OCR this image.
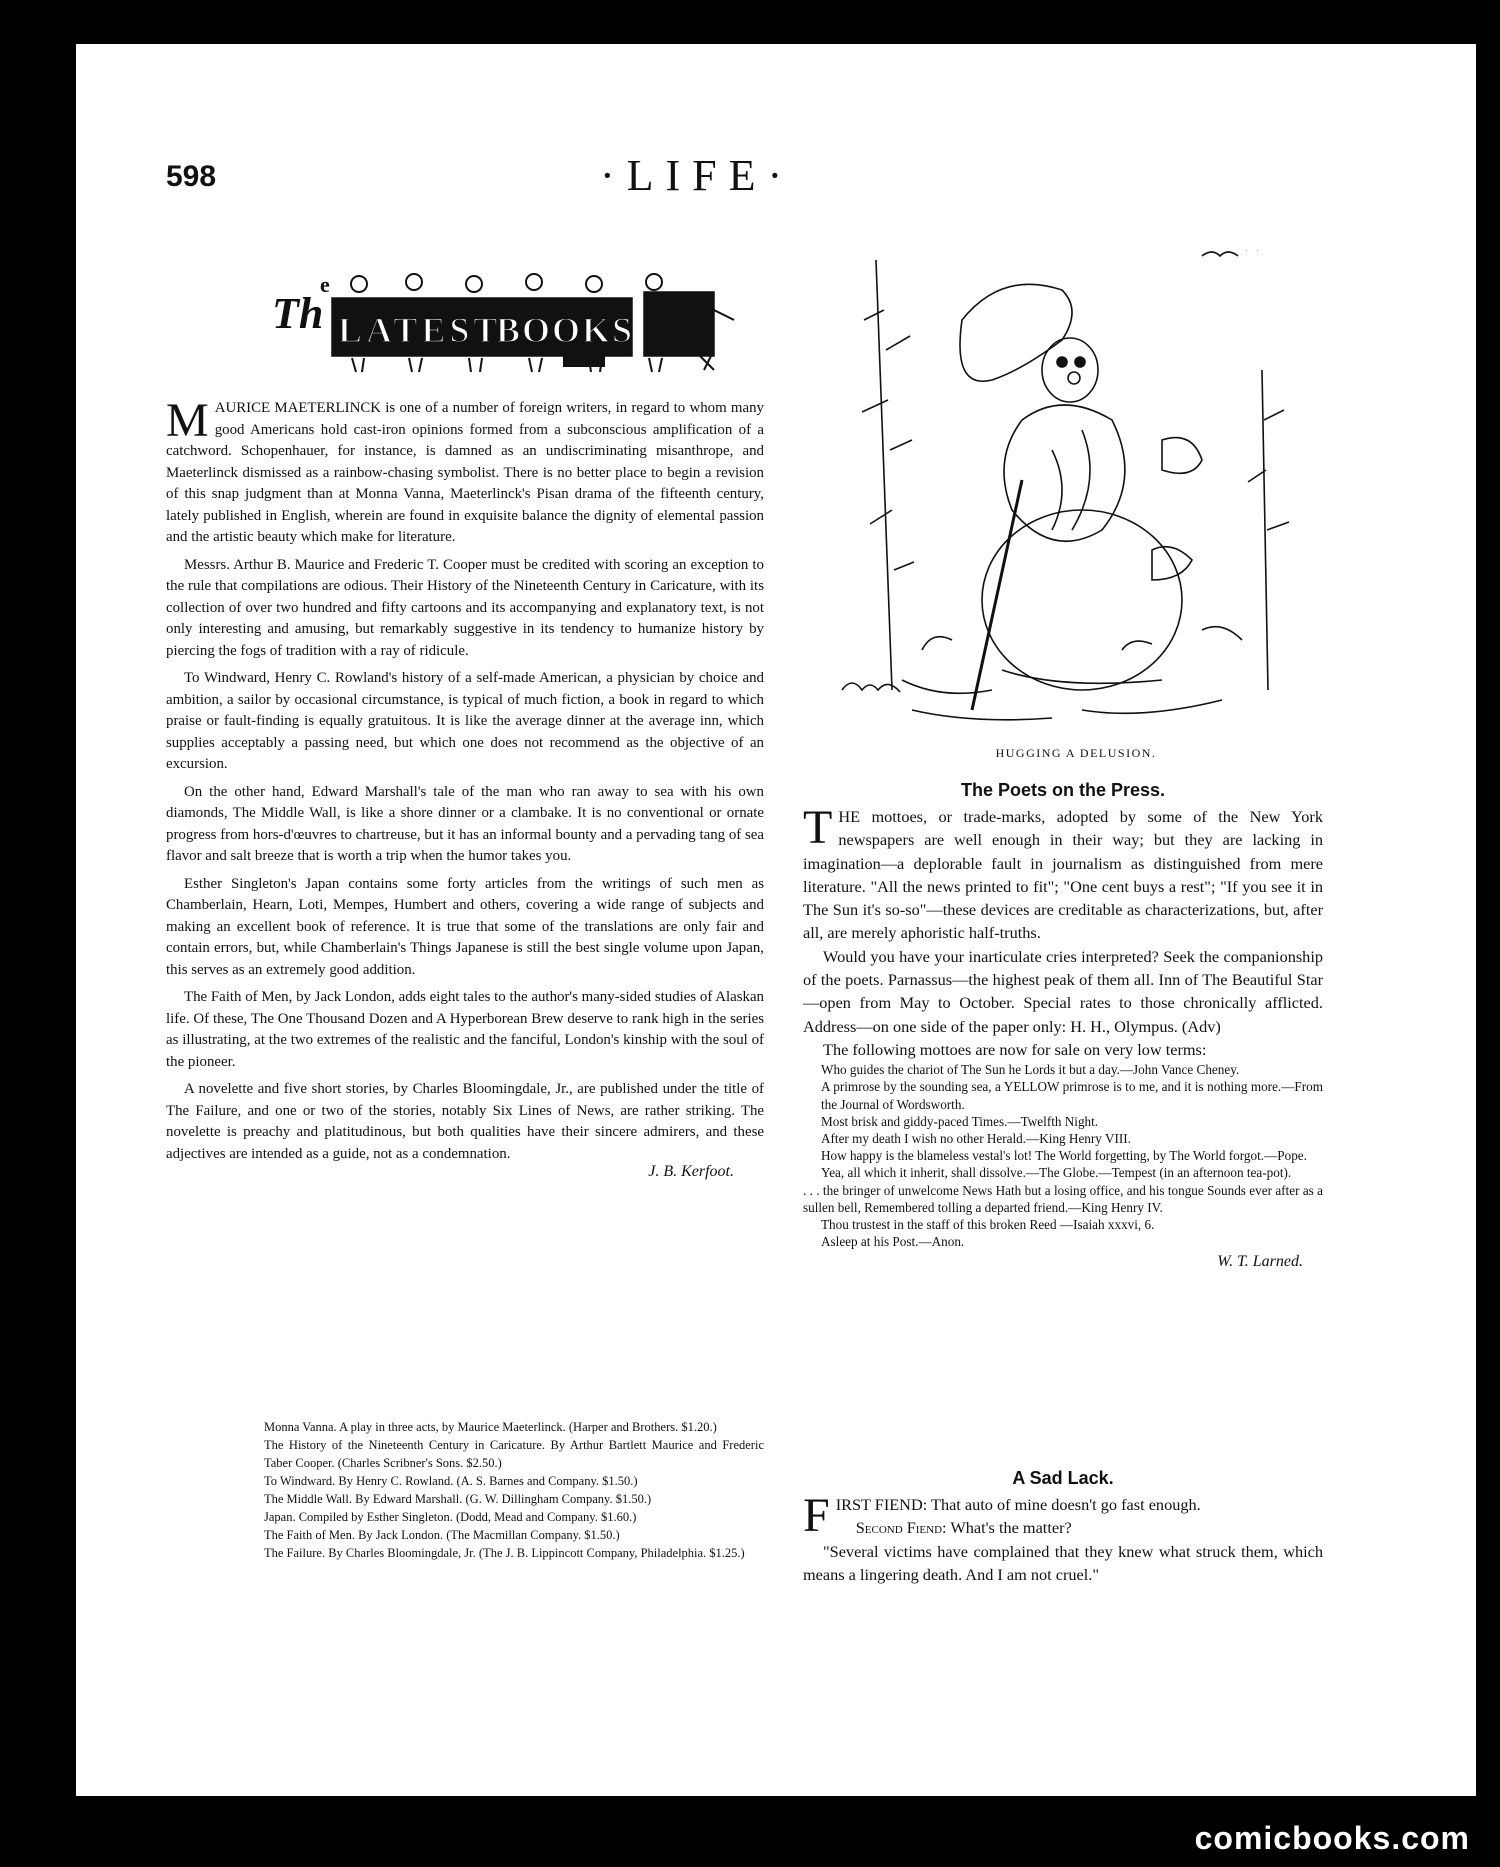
598	·LIFE·
Th
e
LATEST
BOOKS

MAURICE MAETERLINCK is one of a number of foreign writers, in regard to whom many good Americans hold cast-iron opinions formed from a subconscious amplification of a catchword. Schopenhauer, for instance, is damned as an undiscriminating misanthrope, and Maeterlinck dismissed as a rainbow-chasing symbolist. There is no better place to begin a revision of this snap judgment than at Monna Vanna, Maeterlinck's Pisan drama of the fifteenth century, lately published in English, wherein are found in exquisite balance the dignity of elemental passion and the artistic beauty which make for literature.

Messrs. Arthur B. Maurice and Frederic T. Cooper must be credited with scoring an exception to the rule that compilations are odious. Their History of the Nineteenth Century in Caricature, with its collection of over two hundred and fifty cartoons and its accompanying and explanatory text, is not only interesting and amusing, but remarkably suggestive in its tendency to humanize history by piercing the fogs of tradition with a ray of ridicule.

To Windward, Henry C. Rowland's history of a self-made American, a physician by choice and ambition, a sailor by occasional circumstance, is typical of much fiction, a book in regard to which praise or fault-finding is equally gratuitous. It is like the average dinner at the average inn, which supplies acceptably a passing need, but which one does not recommend as the objective of an excursion.

On the other hand, Edward Marshall's tale of the man who ran away to sea with his own diamonds, The Middle Wall, is like a shore dinner or a clambake. It is no conventional or ornate progress from hors-d'œuvres to chartreuse, but it has an informal bounty and a pervading tang of sea flavor and salt breeze that is worth a trip when the humor takes you.

Esther Singleton's Japan contains some forty articles from the writings of such men as Chamberlain, Hearn, Loti, Mempes, Humbert and others, covering a wide range of subjects and making an excellent book of reference. It is true that some of the translations are only fair and contain errors, but, while Chamberlain's Things Japanese is still the best single volume upon Japan, this serves as an extremely good addition.

The Faith of Men, by Jack London, adds eight tales to the author's many-sided studies of Alaskan life. Of these, The One Thousand Dozen and A Hyperborean Brew deserve to rank high in the series as illustrating, at the two extremes of the realistic and the fanciful, London's kinship with the soul of the pioneer.

A novelette and five short stories, by Charles Bloomingdale, Jr., are published under the title of The Failure, and one or two of the stories, notably Six Lines of News, are rather striking. The novelette is preachy and platitudinous, but both qualities have their sincere admirers, and these adjectives are intended as a guide, not as a condemnation.

J. B. Kerfoot.

Monna Vanna. A play in three acts, by Maurice Maeterlinck. (Harper and Brothers. $1.20.)

The History of the Nineteenth Century in Caricature. By Arthur Bartlett Maurice and Frederic Taber Cooper. (Charles Scribner's Sons. $2.50.)

To Windward. By Henry C. Rowland. (A. S. Barnes and Company. $1.50.)

The Middle Wall. By Edward Marshall. (G. W. Dillingham Company. $1.50.)

Japan. Compiled by Esther Singleton. (Dodd, Mead and Company. $1.60.)

The Faith of Men. By Jack London. (The Macmillan Company. $1.50.)

The Failure. By Charles Bloomingdale, Jr. (The J. B. Lippincott Company, Philadelphia. $1.25.)

HUGGING A DELUSION.
The Poets on the Press.

THE mottoes, or trade-marks, adopted by some of the New York newspapers are well enough in their way; but they are lacking in imagination—a deplorable fault in journalism as distinguished from mere literature. "All the news printed to fit"; "One cent buys a rest"; "If you see it in The Sun it's so-so"—these devices are creditable as characterizations, but, after all, are merely aphoristic half-truths.

Would you have your inarticulate cries interpreted? Seek the companionship of the poets. Parnassus—the highest peak of them all. Inn of The Beautiful Star—open from May to October. Special rates to those chronically afflicted. Address—on one side of the paper only: H. H., Olympus. (Adv)

The following mottoes are now for sale on very low terms:

Who guides the chariot of The Sun he Lords it but a day.—John Vance Cheney.

A primrose by the sounding sea, a YELLOW primrose is to me, and it is nothing more.—From the Journal of Wordsworth.

Most brisk and giddy-paced Times.—Twelfth Night.

After my death I wish no other Herald.—King Henry VIII.

How happy is the blameless vestal's lot! The World forgetting, by The World forgot.—Pope.

Yea, all which it inherit, shall dissolve.—The Globe.—Tempest (in an afternoon tea-pot).

. . . the bringer of unwelcome News Hath but a losing office, and his tongue Sounds ever after as a sullen bell, Remembered tolling a departed friend.—King Henry IV.

Thou trustest in the staff of this broken Reed —Isaiah xxxvi, 6.

Asleep at his Post.—Anon.

W. T. Larned.
A Sad Lack.

FIRST FIEND: That auto of mine doesn't go fast enough.

Second Fiend: What's the matter?

"Several victims have complained that they knew what struck them, which means a lingering death. And I am not cruel."

comicbooks.com
